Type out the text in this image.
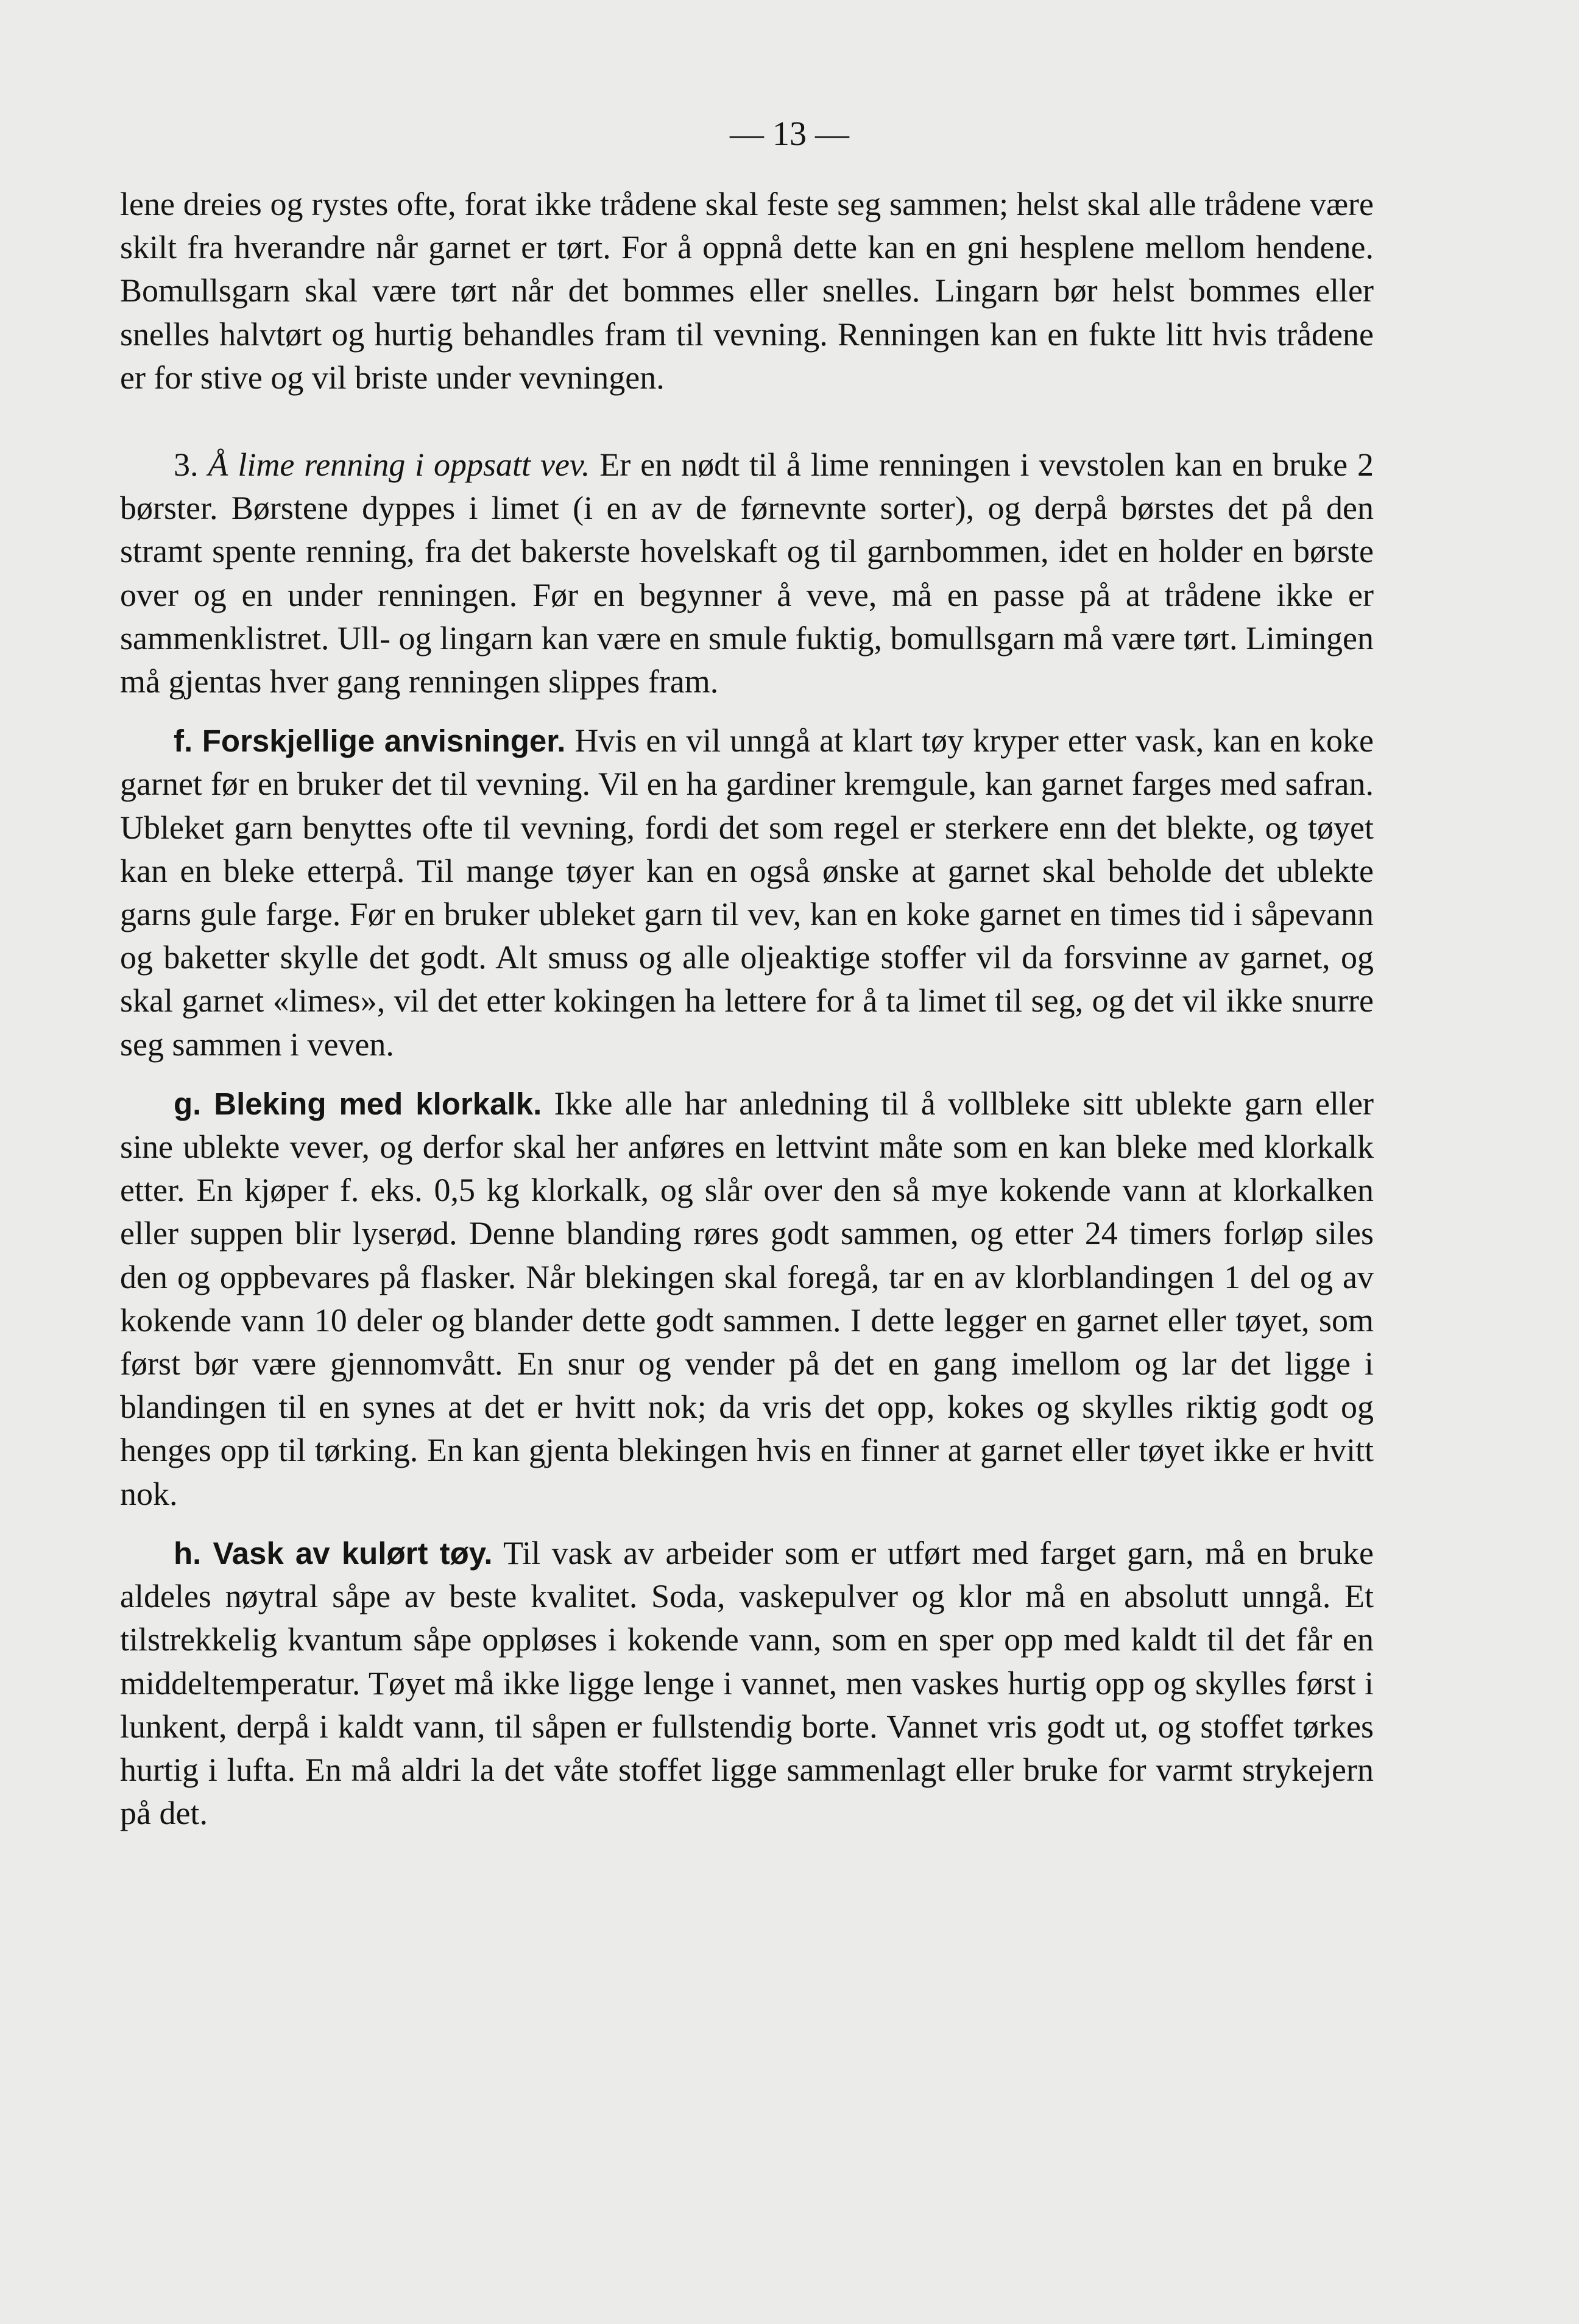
— 13 —

lene dreies og rystes ofte, forat ikke trådene skal feste seg sammen; helst skal alle trådene være skilt fra hverandre når garnet er tørt. For å oppnå dette kan en gni hesplene mellom hendene. Bomullsgarn skal være tørt når det bommes eller snelles. Lingarn bør helst bommes eller snelles halvtørt og hurtig behandles fram til vevning. Renningen kan en fukte litt hvis trådene er for stive og vil briste under vevningen.

3. Å lime renning i oppsatt vev. Er en nødt til å lime renningen i vevstolen kan en bruke 2 børster. Børstene dyppes i limet (i en av de førnevnte sorter), og derpå børstes det på den stramt spente renning, fra det bakerste hovelskaft og til garnbommen, idet en holder en børste over og en under renningen. Før en begynner å veve, må en passe på at trådene ikke er sammenklistret. Ull- og lingarn kan være en smule fuktig, bomullsgarn må være tørt. Limingen må gjentas hver gang renningen slippes fram.

f. Forskjellige anvisninger. Hvis en vil unngå at klart tøy kryper etter vask, kan en koke garnet før en bruker det til vevning. Vil en ha gardiner kremgule, kan garnet farges med safran. Ubleket garn benyttes ofte til vevning, fordi det som regel er sterkere enn det blekte, og tøyet kan en bleke etterpå. Til mange tøyer kan en også ønske at garnet skal beholde det ublekte garns gule farge. Før en bruker ubleket garn til vev, kan en koke garnet en times tid i såpevann og baketter skylle det godt. Alt smuss og alle oljeaktige stoffer vil da forsvinne av garnet, og skal garnet «limes», vil det etter kokingen ha lettere for å ta limet til seg, og det vil ikke snurre seg sammen i veven.

g. Bleking med klorkalk. Ikke alle har anledning til å vollbleke sitt ublekte garn eller sine ublekte vever, og derfor skal her anføres en lettvint måte som en kan bleke med klorkalk etter. En kjøper f. eks. 0,5 kg klorkalk, og slår over den så mye kokende vann at klorkalken eller suppen blir lyserød. Denne blanding røres godt sammen, og etter 24 timers forløp siles den og oppbevares på flasker. Når blekingen skal foregå, tar en av klorblandingen 1 del og av kokende vann 10 deler og blander dette godt sammen. I dette legger en garnet eller tøyet, som først bør være gjennomvått. En snur og vender på det en gang imellom og lar det ligge i blandingen til en synes at det er hvitt nok; da vris det opp, kokes og skylles riktig godt og henges opp til tørking. En kan gjenta blekingen hvis en finner at garnet eller tøyet ikke er hvitt nok.

h. Vask av kulørt tøy. Til vask av arbeider som er utført med farget garn, må en bruke aldeles nøytral såpe av beste kvalitet. Soda, vaskepulver og klor må en absolutt unngå. Et tilstrekkelig kvantum såpe oppløses i kokende vann, som en sper opp med kaldt til det får en middeltemperatur. Tøyet må ikke ligge lenge i vannet, men vaskes hurtig opp og skylles først i lunkent, derpå i kaldt vann, til såpen er fullstendig borte. Vannet vris godt ut, og stoffet tørkes hurtig i lufta. En må aldri la det våte stoffet ligge sammenlagt eller bruke for varmt strykejern på det.
